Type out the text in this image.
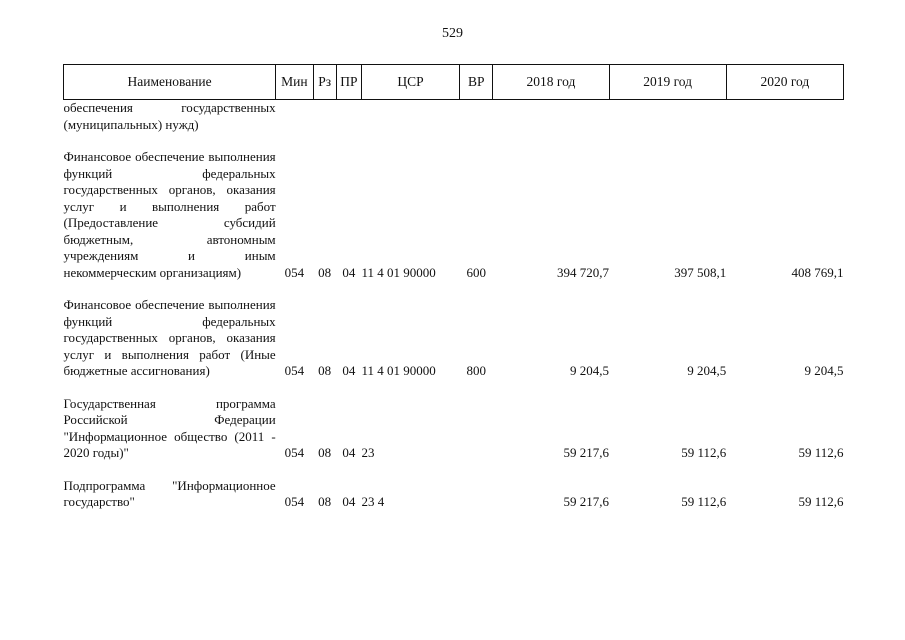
529
Наименование	Мин	Рз	ПР	ЦСР	ВР	2018 год	2019 год	2020 год
обеспечения государственных (муниципальных) нужд)								

Финансовое обеспечение выполнения функций федеральных государственных органов, оказания услуг и выполнения работ (Предоставление субсидий бюджетным, автономным учреждениям и иным некоммерческим организациям)	054	08	04	11 4 01 90000	600	394 720,7	397 508,1	408 769,1

Финансовое обеспечение выполнения функций федеральных государственных органов, оказания услуг и выполнения работ (Иные бюджетные ассигнования)	054	08	04	11 4 01 90000	800	9 204,5	9 204,5	9 204,5

Государственная программа Российской Федерации "Информационное общество (2011 - 2020 годы)"	054	08	04	23		59 217,6	59 112,6	59 112,6

Подпрограмма "Информационное государство"	054	08	04	23 4		59 217,6	59 112,6	59 112,6
